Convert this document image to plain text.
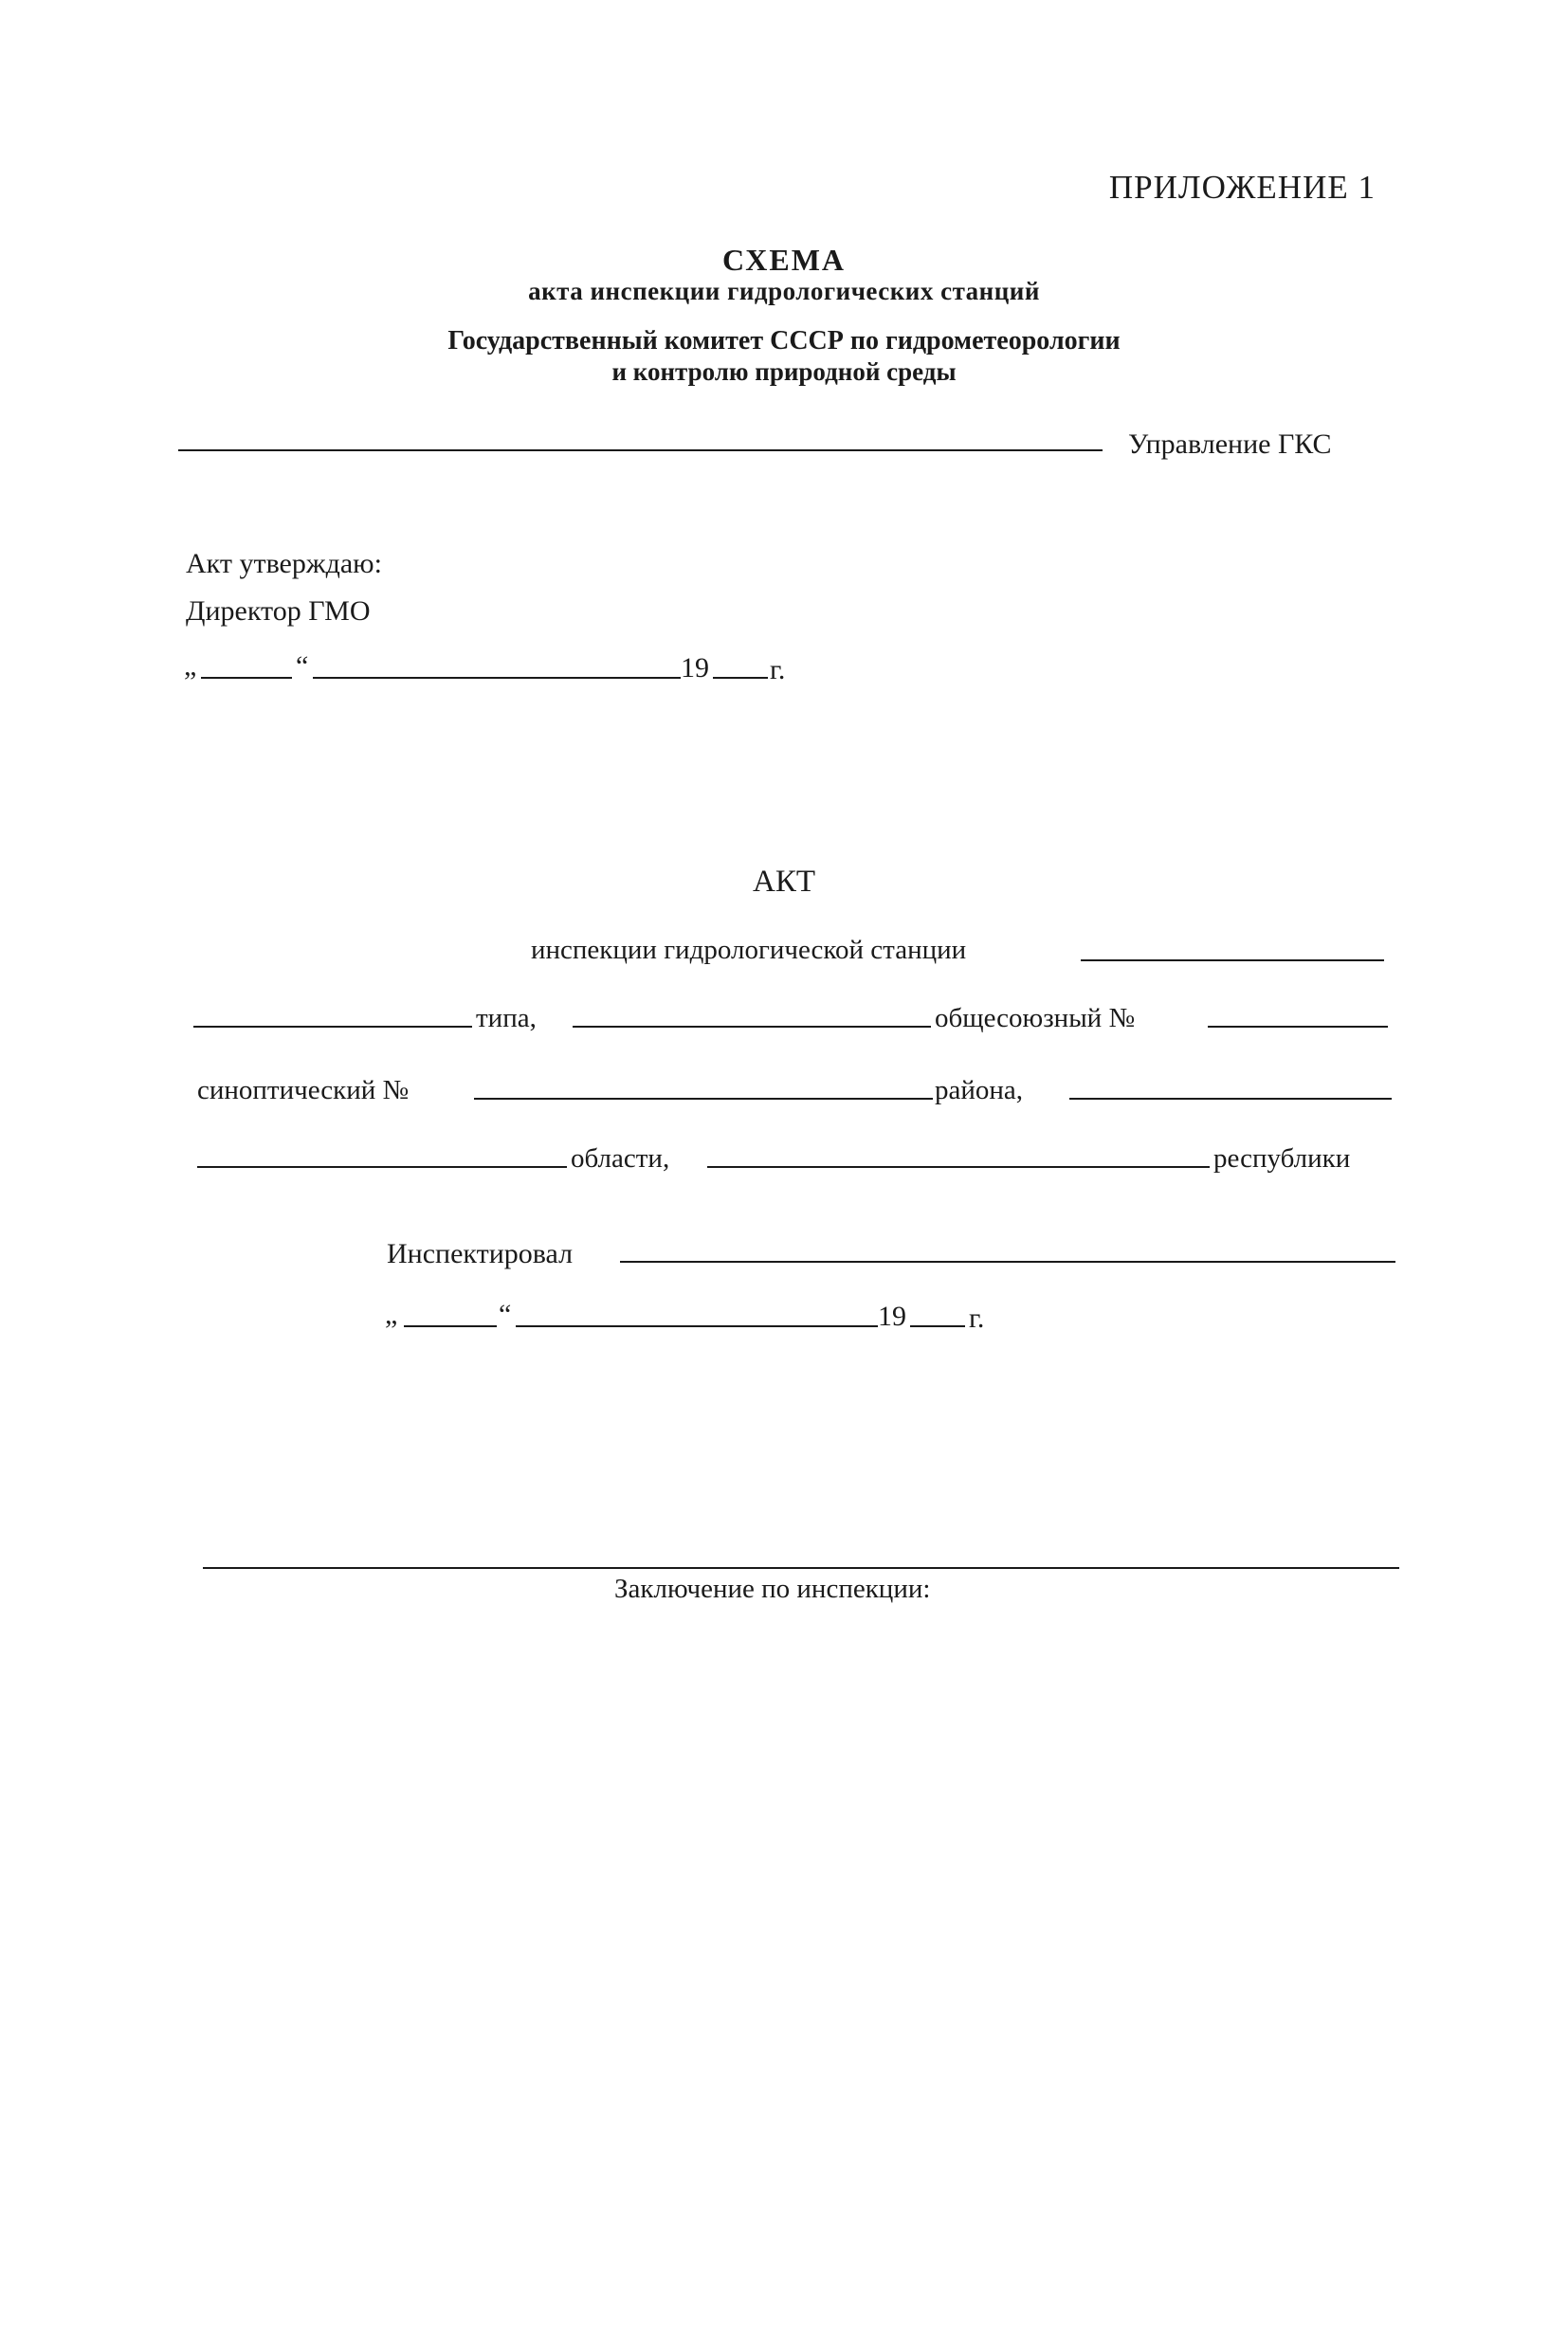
ПРИЛОЖЕНИЕ 1
СХЕМА
акта инспекции гидрологических станций
Государственный комитет СССР по гидрометеорологии
и контролю природной среды
Управление ГКС
Акт утверждаю:
Директор ГМО
„	“	19 г.
АКТ
инспекции гидрологической станции
типа,	общесоюзный №
синоптический №	района,
области,	республики
Инспектировал
„	“	19 г.
Заключение по инспекции:
